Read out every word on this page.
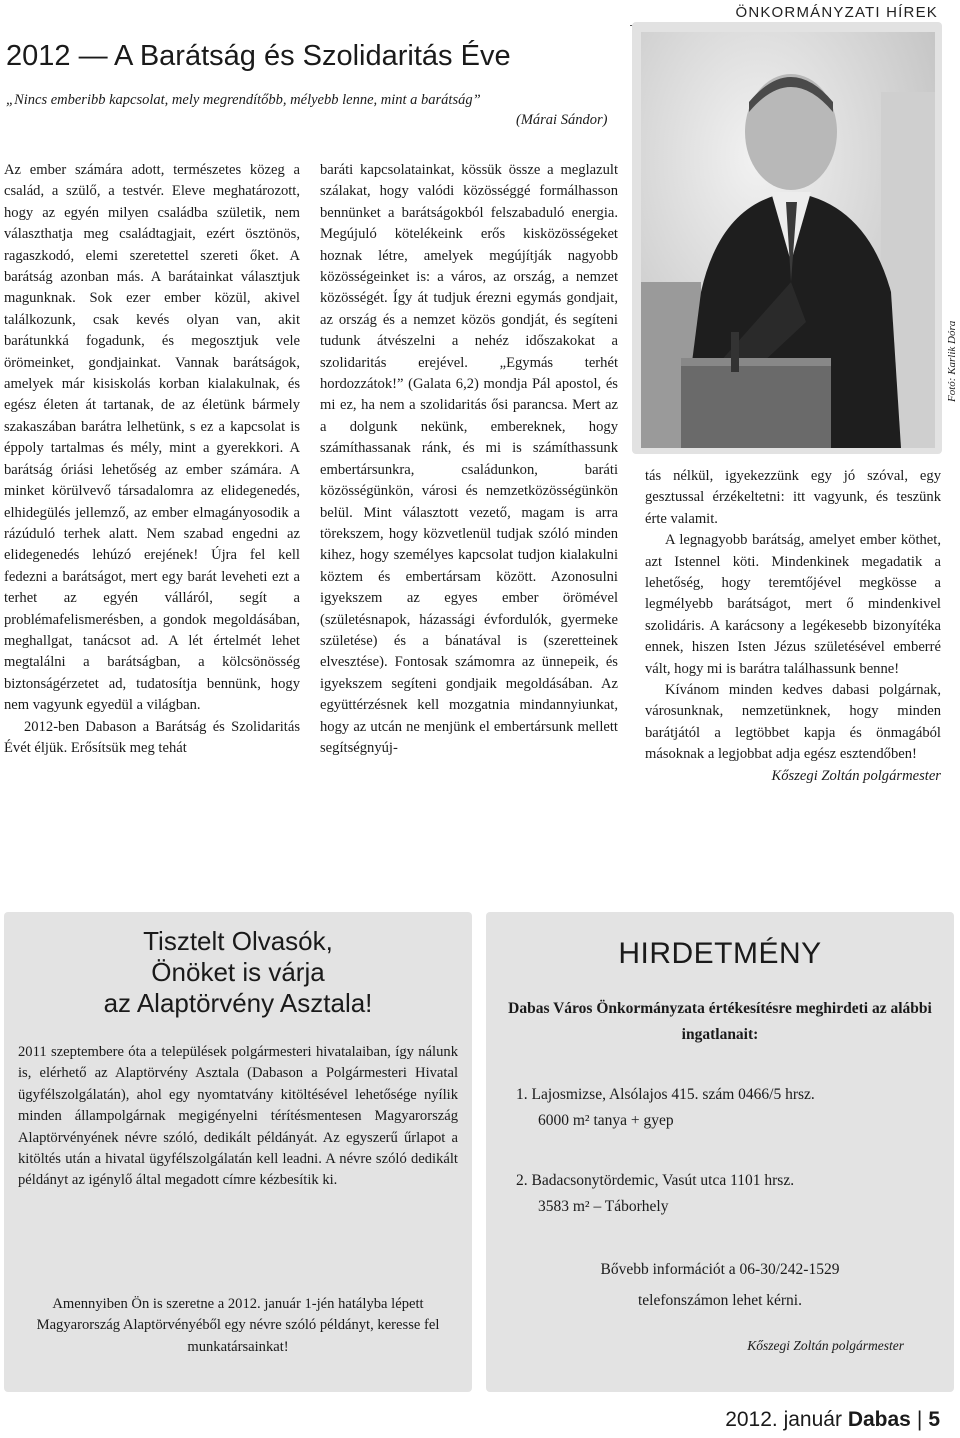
ÖNKORMÁNYZATI HÍREK
2012 — A Barátság és Szolidaritás Éve
„Nincs emberibb kapcsolat, mely megrendítőbb, mélyebb lenne, mint a barátság”
(Márai Sándor)

Az ember számára adott, természetes közeg a család, a szülő, a testvér. Eleve meghatározott, hogy az egyén milyen családba születik, nem választhatja meg családtagjait, ezért ösztönös, ragaszkodó, elemi szeretettel szereti őket. A barátság azonban más. A barátainkat választjuk magunknak. Sok ezer ember közül, akivel találkozunk, csak kevés olyan van, akit barátunkká fogadunk, és megosztjuk vele örömeinket, gondjainkat. Vannak barátságok, amelyek már kisiskolás korban kialakulnak, és egész életen át tartanak, de az életünk bármely szakaszában barátra lelhetünk, s ez a kapcsolat is éppoly tartalmas és mély, mint a gyerekkori. A barátság óriási lehetőség az ember számára. A minket körülvevő társadalomra az elidegenedés, elhidegülés jellemző, az ember elmagányosodik a rázúduló terhek alatt. Nem szabad engedni az elidegenedés lehúzó erejének! Újra fel kell fedezni a barátságot, mert egy barát leveheti ezt a terhet az egyén válláról, segít a problémafelismerésben, a gondok megoldásában, meghallgat, tanácsot ad. A lét értelmét lehet megtalálni a barátságban, a kölcsönösség biztonságérzetet ad, tudatosítja bennünk, hogy nem vagyunk egyedül a világban.

2012-ben Dabason a Barátság és Szolidaritás Évét éljük. Erősítsük meg tehát

baráti kapcsolatainkat, kössük össze a meglazult szálakat, hogy valódi közösséggé formálhasson bennünket a barátságokból felszabaduló energia. Megújuló kötelékeink erős kisközösségeket hoznak létre, amelyek megújítják nagyobb közösségeinket is: a város, az ország, a nemzet közösségét. Így át tudjuk érezni egymás gondjait, az ország és a nemzet közös gondját, és segíteni tudunk átvészelni a nehéz időszakokat a szolidaritás erejével. „Egymás terhét hordozzátok!” (Galata 6,2) mondja Pál apostol, és mi ez, ha nem a szolidaritás ősi parancsa. Mert az a dolgunk nekünk, embereknek, hogy számíthassanak ránk, és mi is számíthassunk embertársunkra, családunkon, baráti közösségünkön, városi és nemzetközösségünkön belül. Mint választott vezető, magam is arra törekszem, hogy közvetlenül tudjak szóló minden kihez, hogy személyes kapcsolat tudjon kialakulni köztem és embertársam között. Azonosulni igyekszem az egyes ember örömével (születésnapok, házassági évfordulók, gyermeke születése) és a bánatával is (szeretteinek elvesztése). Fontosak számomra az ünnepeik, és igyekszem segíteni gondjaik megoldásában. Az együttérzésnek kell mozgatnia mindannyiunkat, hogy az utcán ne menjünk el embertársunk mellett segítségnyúj-

Fotó: Karlik Dóra

tás nélkül, igyekezzünk egy jó szóval, egy gesztussal érzékeltetni: itt vagyunk, és teszünk érte valamit.

A legnagyobb barátság, amelyet ember köthet, azt Istennel köti. Mindenkinek megadatik a lehetőség, hogy teremtőjével megkösse a legmélyebb barátságot, mert ő mindenkivel szolidáris. A karácsony a legékesebb bizonyítéka ennek, hiszen Isten Jézus születésével emberré vált, hogy mi is barátra találhassunk benne!

Kívánom minden kedves dabasi polgárnak, városunknak, nemzetünknek, hogy minden barátjától a legtöbbet kapja és önmagából másoknak a legjobbat adja egész esztendőben!

Kőszegi Zoltán polgármester
Tisztelt Olvasók,
Önöket is várja
az Alaptörvény Asztala!

2011 szeptembere óta a települések polgármesteri hivatalaiban, így nálunk is, elérhető az Alaptörvény Asztala (Dabason a Polgármesteri Hivatal ügyfélszolgálatán), ahol egy nyomtatvány kitöltésével lehetősége nyílik minden állampolgárnak megigényelni térítésmentesen Magyarország Alaptörvényének névre szóló, dedikált példányát. Az egyszerű űrlapot a kitöltés után a hivatal ügyfélszolgálatán kell leadni. A névre szóló dedikált példányt az igénylő által megadott címre kézbesítik ki.

Amennyiben Ön is szeretne a 2012. január 1-jén hatályba lépett Magyarország Alaptörvényéből egy névre szóló példányt, keresse fel munkatársainkat!
HIRDETMÉNY
Dabas Város Önkormányzata értékesítésre meghirdeti az alábbi ingatlanait:
1. Lajosmizse, Alsólajos 415. szám 0466/5 hrsz.
6000 m² tanya + gyep
2. Badacsonytördemic, Vasút utca 1101 hrsz.
3583 m² – Táborhely
Bővebb információt a 06-30/242-1529
telefonszámon lehet kérni.
Kőszegi Zoltán polgármester
2012. január Dabas | 5
